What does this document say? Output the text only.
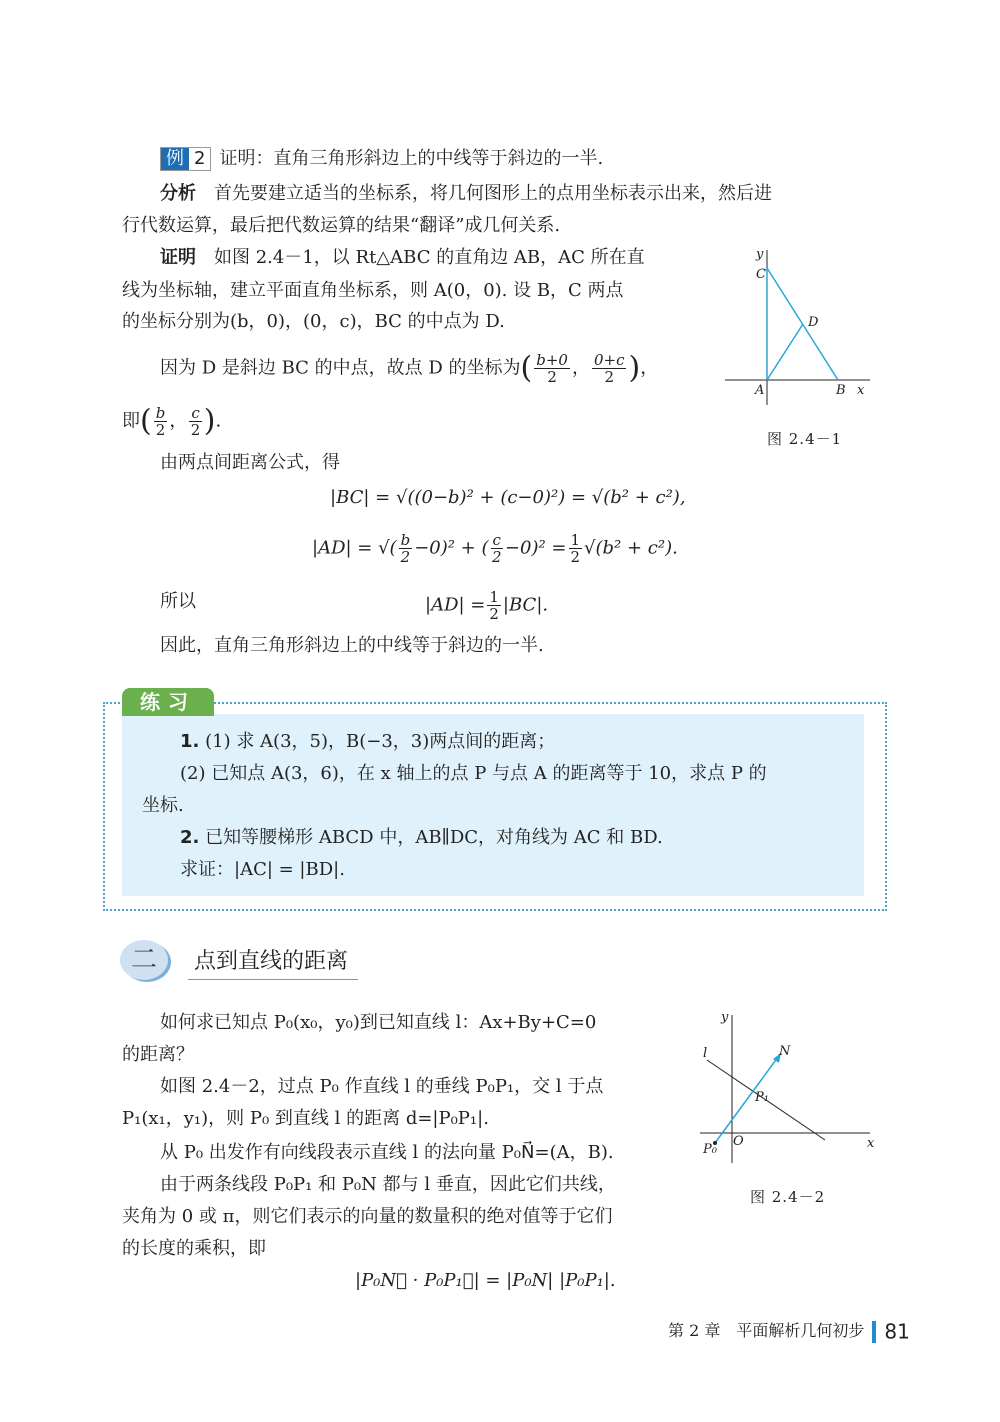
例 2 证明：直角三角形斜边上的中线等于斜边的一半.
分析　 首先要建立适当的坐标系，将几何图形上的点用坐标表示出来，然后进
行代数运算，最后把代数运算的结果“翻译”成几何关系.
证明　 如图 2.4－1，以 Rt△ABC 的直角边 AB，AC 所在直
线为坐标轴，建立平面直角坐标系，则 A(0，0). 设 B，C 两点
的坐标分别为(b，0)，(0，c)，BC 的中点为 D.
因为 D 是斜边 BC 的中点，故点 D 的坐标为( $\frac{b+0}{2}$ ， $\frac{0+c}{2}$ )，
即( $\frac{b}{2}$ ， $\frac{c}{2}$ ).
由两点间距离公式，得
|BC| = √((0−b)² + (c−0)²) = √(b² + c²),
|AD| = √( $\frac{b}{2} -0)^2$ + ( $\frac{c}{2} -0)^2 = \frac{1}{2} √(b^2 + c^2)$.
所以	$|AD| = \frac{1}{2} |BC|$.
因此，直角三角形斜边上的中线等于斜边的一半.
y
C
D
A	B x
图 2.4－1
练习
1. (1) 求 A(3，5)，B(−3，3)两点间的距离；
(2) 已知点 A(3，6)，在 x 轴上的点 P 与点 A 的距离等于 10，求点 P 的
坐标.
2. 已知等腰梯形 ABCD 中，AB∥DC，对角线为 AC 和 BD.
求证：|AC| = |BD|.
二	点到直线的距离
如何求已知点 P₀(x₀，y₀)到已知直线 l：Ax+By+C=0
的距离？
如图 2.4－2，过点 P₀ 作直线 l 的垂线 P₀P₁，交 l 于点
P₁(x₁，y₁)，则 P₀ 到直线 l 的距离 d=|P₀P₁|.
从 P₀ 出发作有向线段表示直线 l 的法向量 P₀N⃗=(A，B).
由于两条线段 P₀P₁ 和 P₀N 都与 l 垂直，因此它们共线，
夹角为 0 或 π，则它们表示的向量的数量积的绝对值等于它们
的长度的乘积，即
|P₀N⃗ · P₀P₁⃗| = |P₀N| |P₀P₁|.
y
l	N
P₁
P₀
O	x
图 2.4－2
第 2 章　平面解析几何初步 81
